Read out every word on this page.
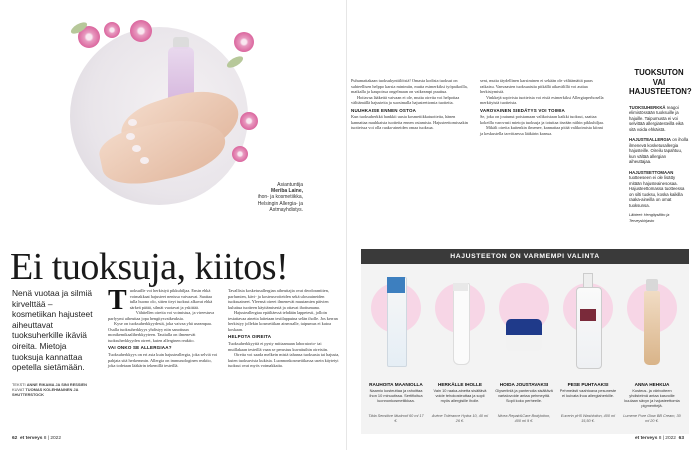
Asiantuntija
Meriba Laine,
ihon- ja kosmetiikka, Helsingin Allergia- ja Astmayhdistys.
Ei tuoksuja, kiitos!
Nenä vuotaa ja silmiä kirvelttää – kosmetiikan hajusteet aiheuttavat tuoksuherkille ikäviä oireita. Mietoja tuoksuja kannattaa opetella sietämään.
TEKSTI ANNE RIKAMA JA SINI RESSIEN
KUVAT TUOMAS KOLEHMAINEN JA SHUTTERSTOCK
T uoksuille voi herkistyä pikkuhiljaa. Ensin ehkä voimakkaat hajusteet nenissa vaivaavat. Saattaa tulla huono olo, sitten tieyt tuoksut alkavat ehkä särkeä päätä, silmät vuotavat ja yskittää.

Vähitellen oireita voi voimistua, ja vireestuva parfyymi aiheuttaa jopa hengitysvaikeuksia.

Kyse on tuoksuherkkyydestä, joka vaivaa yhä useampaa. Osalla tuoksuherkkyys yhdistyy niin sanottuun monikemikaaliherkkyyteen. Tautialla on ilmenevät tuoksuherkkyyden oireet, kuten allerginen reaktio.

VAI ONKO SE ALLERGIAA?

Tuoksuherkkyys on eri asia kuin hajusteallergia, joka selviä voi pahjata sitä herkemmin. Allergia on immunologinen reaktio, joka todetaan lääkärin tekemillä testeillä.

Tavallisia kosketusallergian aiheuttajia ovat deodorantiten, parfumien, kävi- ja kosteusvoiteiden sekä ulosoaineiden tuoksuaineet. Yleensä oireet ilmenevät muutamien päivien kuluttua tuotteen käyttämisestä ja ottavat ihottumana.

Hajusteallergiaa epäiltäessä tehdään lappetesti, jolloin testattavaa ainetta laitetaan testilappuina selän iholle. Jos kerran herkistyy jollekin kosmetiikan aineosalle, taipumus ei katoa koskaan.

HELPOTA OIREITA

Tuoksuherkkyyttä ei pysty mittaamaan laboratorio- tai muillakaan testeillä vaan se perustuu kuvattuihin oireisiin.

Oireita voi saada melkein mistä tahansa tuoksusta tai hajusta, kuten tuoksuvista kukista. Luonnonkosmetiikassa usein käytetyt tuoksut ovat myös voimakkaita.

62 et terveys 8 | 2022

Puhumattakaan tuoksukynttilöistä! Omasta kodista tuoksut on suhteellisen helppo karsia minimiin, mutta esimerkiksi työpaikoilla, matkalla ja kaupoissa ongelmaan on vaikeampi puuttua.

Hoitavaa lääkettä vaivaan ei ole, mutta oireita voi helpottaa välttämällä hajusteita ja suosimalla hajusteettomia tuotteita.

NUUHKAISE ENNEN OSTOA

Kun tuoksuherkkä hankkii uusia kosmetiikkatuotteita, hänen kannattaa nuuhkaista tuotteita ennen ostamista. Hajusteettomissakin tuotteissa voi olla raaka-aineiden omaa tuoksua.

sent, mutta täydellinen karsiminen ei sekään ole välttämättä paras ratkaisu. Vanvaasten tuoksuaistia pitkällä aikavälillä voi auttaa herkistymistä.

Vinkkejä sopivista tuotteista voi etsiä esimerkiksi Allergiaperhosella merkityistä tuotteista.

VAROVAINEN SIEDÄTYS VOI TOIMIA

Se, joka on joutunut poistamaan valikoistaan kaikki tuoksut, saattaa kokeilla varovasti mietoja tuoksuja ja totuttaa itseään niihin pikkuhiljaa.

Mikäli oireita kuitenkin ilmenee, kannattaa pitää valikoimista kiinni ja keskustella tarvittaessa lääkärin kanssa.

TUOKSUTON VAI HAJUSTEETON?

TUOKSUHERKKÄ reagoi elimistössään tuoksuille ja hajuille. Taipumusta ei voi selvittää allergiatesteillä eikä sitä voida ehkäistä.

HAJUSTEALLERGIA on iholla ilmenevä kosketusallergia hajusteille. Oireilu tapahtuu, kun vältää allergian aiheuttajaa.

HAJUSTEETTOMAAN tuotteeseen ei ole lisätty mitään hajusteainesosaa. Hajusteettomassa tuotteessa on silti tuoksu, koska kaikilla raaka-aineilla on omat tuoksunsa.

Lähteet: Hengitysliitto ja Terveyskirjasto

HAJUSTEETON ON VARMEMPI VALINTA
RAUHOITA MAANIOLLA
Naamio kosteuttaa ja rahoittaa ihon 10 minuutissa. Sertifioitua luonnonkosmetiikkaa.
Tilda Sensitive Mudroof 60 ml 17 €.
HERKÄLLE IHOLLE
Vain 10 raaka-ainetta sisältävä voide tehokosteuttaa ja sopii myös allergisille iholle.
Avène Tolérance Hydra 10, 40 ml 26 €.
HOIDA JOUSTAVAKSI
Glyseriiniä ja pantenolia sisältävä vartalovoide antaa pehmeyttä. Sopii koko perheelle.
Nivea Repair&Care Bodylotion, 400 ml 9 €.
PESE PUHTAAKSI
Pehmeästi vaahtoava pesuneste ei kuivata ihoa allergiaherkille.
Eucerin pH5 Washlotion, 400 ml 15,50 €.
ANNA HEHKUA
Kosteus- ja värivoiteen yhdistelmä antaa kasvoille kuulaan sävyn ja hajusteettomia pigmenttejä.
Lumene Pure Glow BB Cream, 30 ml 20 €.
et terveys 8 | 2022 63
